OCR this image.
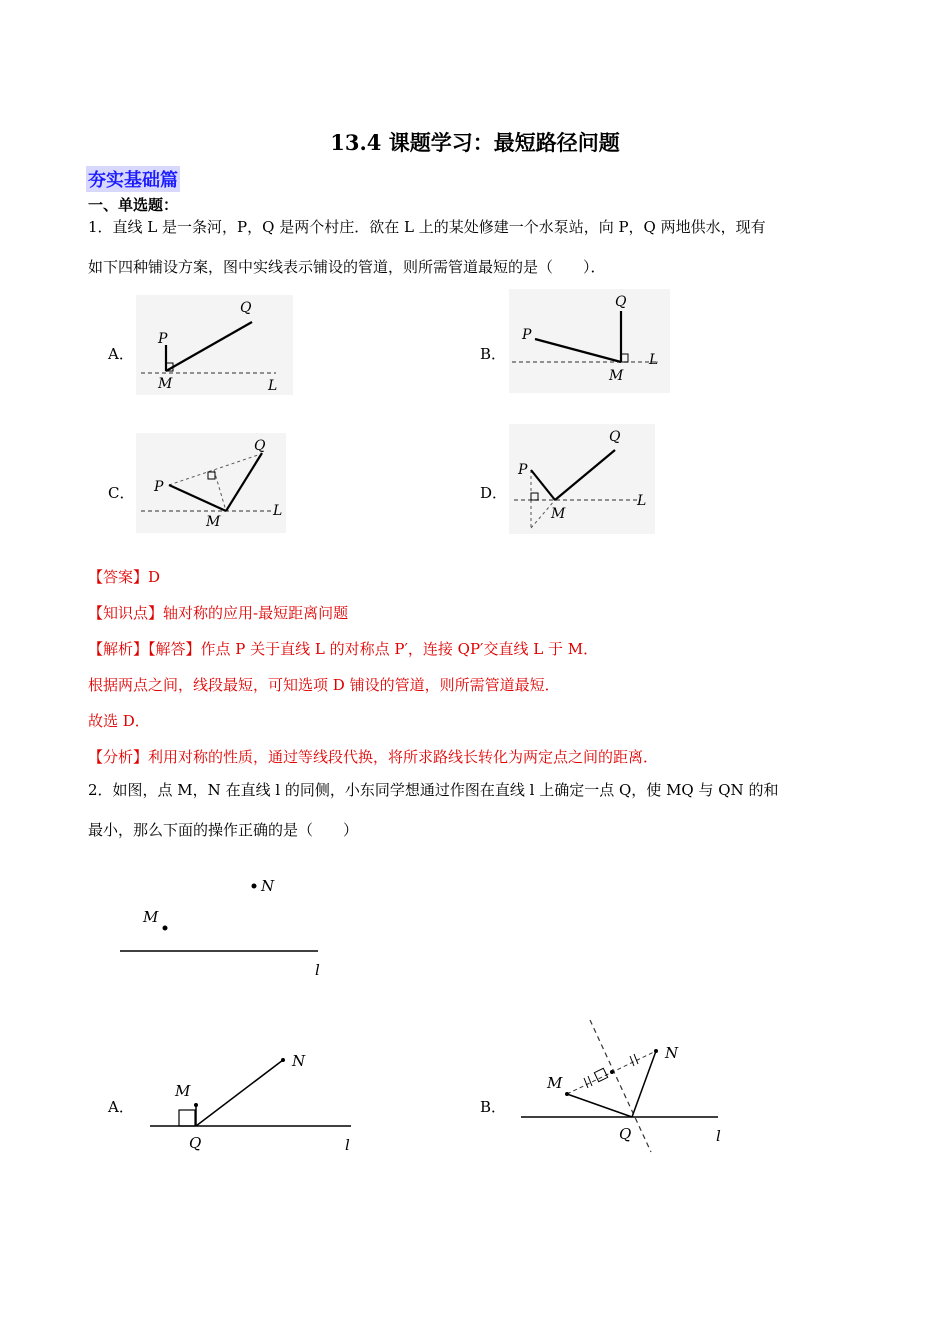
13.4 课题学习：最短路径问题
夯实基础篇
一、单选题：
1．直线 L 是一条河，P，Q 是两个村庄．欲在 L 上的某处修建一个水泵站，向 P，Q 两地供水，现有
如下四种铺设方案，图中实线表示铺设的管道，则所需管道最短的是（　　）．
A．
P
Q
M	L
B．
P
Q
M
L
C． P
Q
M
L
D．
P
Q
M
L
【答案】D
【知识点】轴对称的应用-最短距离问题
【解析】【解答】作点 P 关于直线 L 的对称点 P′，连接 QP′交直线 L 于 M．
根据两点之间，线段最短，可知选项 D 铺设的管道，则所需管道最短．
故选 D．
【分析】利用对称的性质，通过等线段代换，将所求路线长转化为两定点之间的距离．
2．如图，点 M，N 在直线 l 的同侧，小东同学想通过作图在直线 l 上确定一点 Q，使 MQ 与 QN 的和
最小，那么下面的操作正确的是（　　）
N
M
l
A．
M
N
Q	l
B．
M
N
Q	l
